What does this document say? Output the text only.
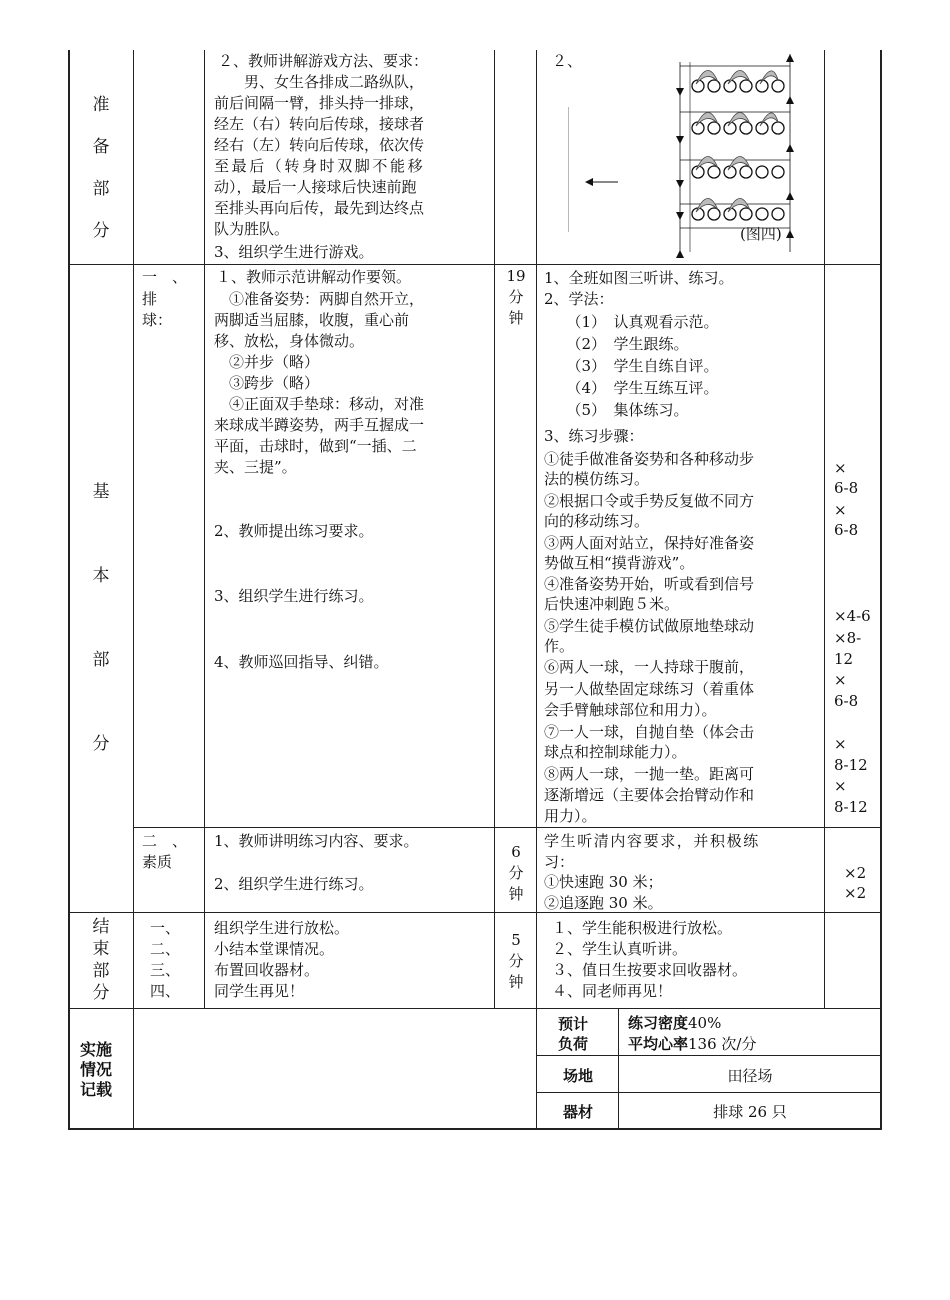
准
备
部
分
２、教师讲解游戏方法、要求：
　　男、女生各排成二路纵队，
前后间隔一臂，排头持一排球，
经左（右）转向后传球，接球者
经右（左）转向后传球，依次传
至最后（转身时双脚不能移
动），最后一人接球后快速前跑
至排头再向后传，最先到达终点
队为胜队。
3、组织学生进行游戏。
２、
(图四)
基
本
部
分
一　、
排
球：
１、教师示范讲解动作要领。
　①准备姿势：两脚自然开立，
两脚适当屈膝，收腹，重心前
移、放松，身体微动。
　②并步（略）
　③跨步（略）
　④正面双手垫球：移动，对准
来球成半蹲姿势，两手互握成一
平面，击球时，做到“一插、二
夹、三提”。
2、教师提出练习要求。
3、组织学生进行练习。
4、教师巡回指导、纠错。
19
分
钟
1、全班如图三听讲、练习。
2、学法：
　　（1）　认真观看示范。
　　（2）　学生跟练。
　　（3）　学生自练自评。
　　（4）　学生互练互评。
　　（5）　集体练习。
3、练习步骤：
①徒手做准备姿势和各种移动步
法的模仿练习。
②根据口令或手势反复做不同方
向的移动练习。
③两人面对站立，保持好准备姿
势做互相“摸背游戏”。
④准备姿势开始，听或看到信号
后快速冲刺跑５米。
⑤学生徒手模仿试做原地垫球动
作。
⑥两人一球，一人持球于腹前，
另一人做垫固定球练习（着重体
会手臂触球部位和用力）。
⑦一人一球，自抛自垫（体会击
球点和控制球能力）。
⑧两人一球，一抛一垫。距离可
逐渐增远（主要体会抬臂动作和
用力）。
×
6-8
×
6-8
×4-6
×8-
12
×
6-8
×
8-12
×
8-12
二　、
素质
1、教师讲明练习内容、要求。
2、组织学生进行练习。
6
分
钟
学生听清内容要求，并积极练
习：
①快速跑 30 米；
②追逐跑 30 米。
×2
×2
结
束
部
分
一、
二、
三、
四、
组织学生进行放松。
小结本堂课情况。
布置回收器材。
同学生再见！
5
分
钟
１、学生能积极进行放松。
２、学生认真听讲。
３、值日生按要求回收器材。
４、同老师再见！
实施
情况
记载
预计
负荷
练习密度40%
平均心率136 次/分
场地	田径场
器材	排球 26 只
